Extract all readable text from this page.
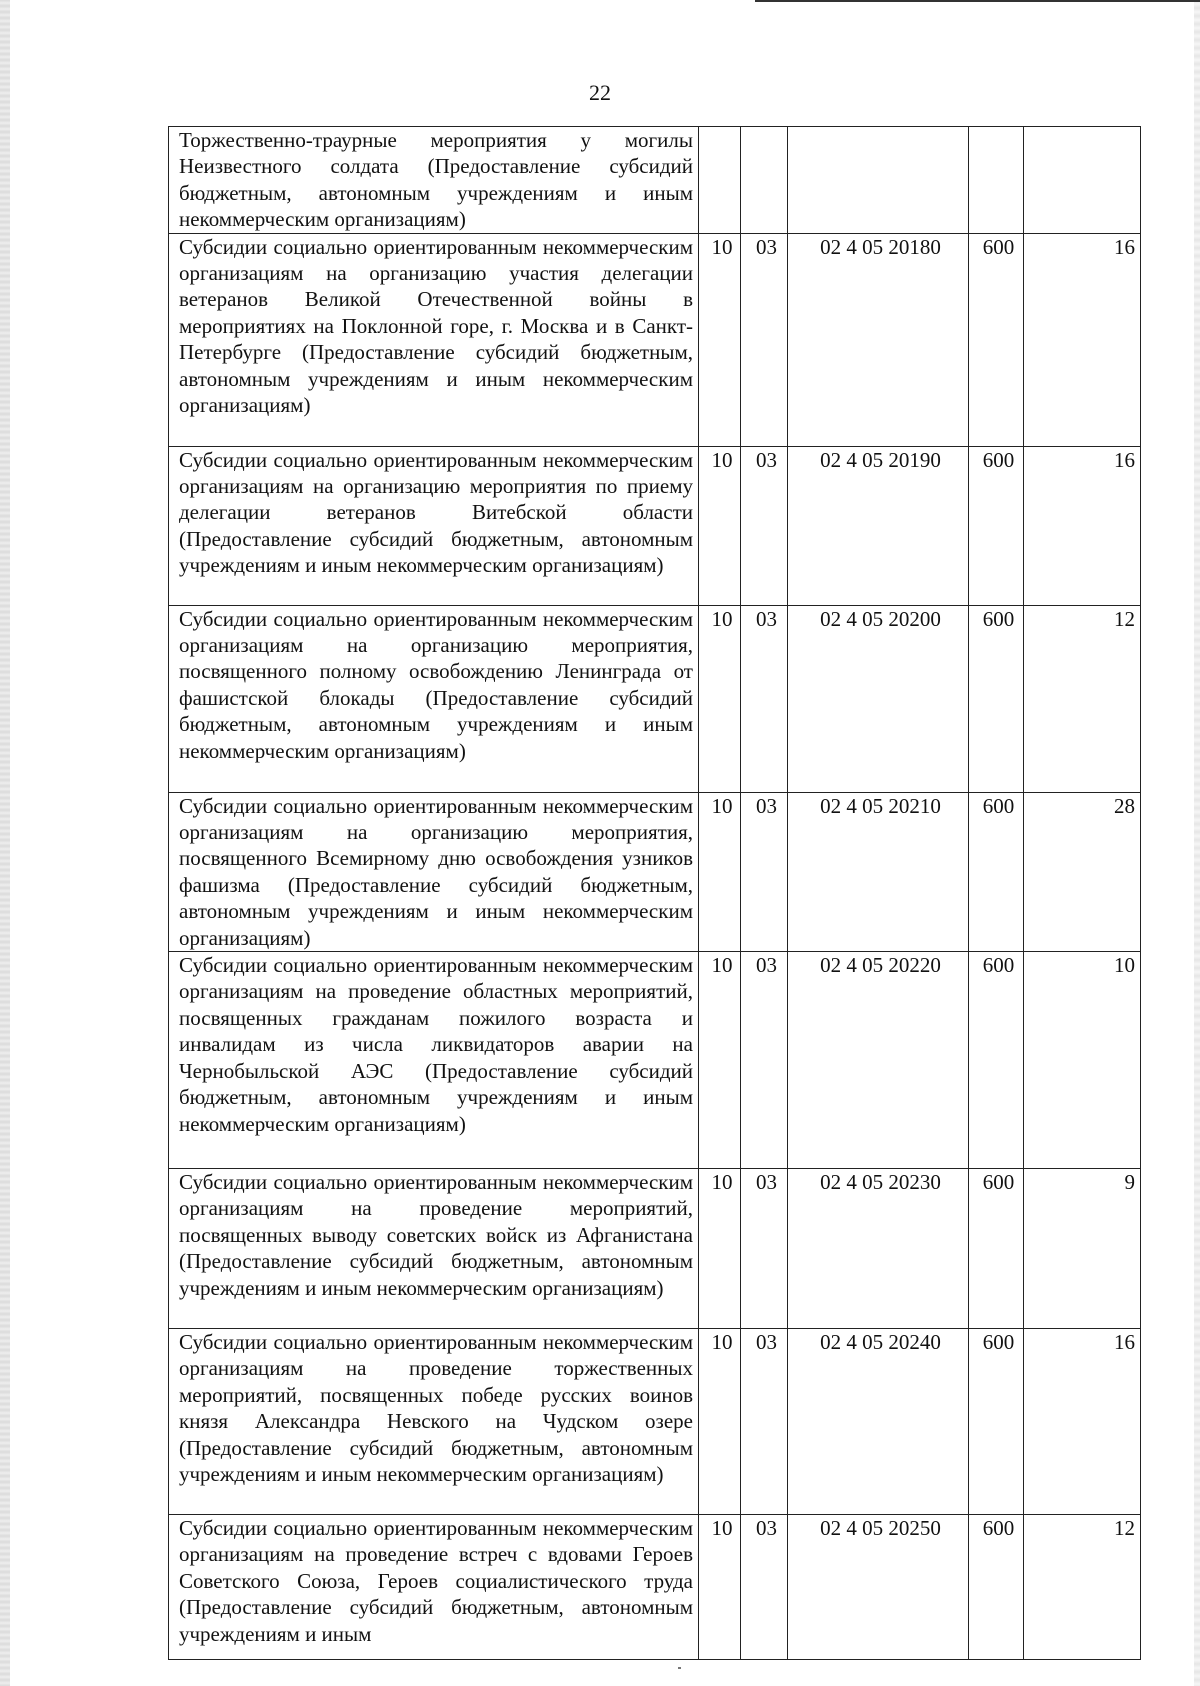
22
Торжественно-траурные мероприятия у могилы Неизвестного солдата (Предоставление субсидий бюджетным, автономным учреждениям и иным некоммерческим организациям)					
Субсидии социально ориентированным некоммерческим организациям на организацию участия делегации ветеранов Великой Отечественной войны в мероприятиях на Поклонной горе, г. Москва и в Санкт-Петербурге (Предоставление субсидий бюджетным, автономным учреждениям и иным некоммерческим организациям)	10	03	02 4 05 20180	600	16
Субсидии социально ориентированным некоммерческим организациям на организацию мероприятия по приему делегации ветеранов Витебской области (Предоставление субсидий бюджетным, автономным учреждениям и иным некоммерческим организациям)	10	03	02 4 05 20190	600	16
Субсидии социально ориентированным некоммерческим организациям на организацию мероприятия, посвященного полному освобождению Ленинграда от фашистской блокады (Предоставление субсидий бюджетным, автономным учреждениям и иным некоммерческим организациям)	10	03	02 4 05 20200	600	12
Субсидии социально ориентированным некоммерческим организациям на организацию мероприятия, посвященного Всемирному дню освобождения узников фашизма (Предоставление субсидий бюджетным, автономным учреждениям и иным некоммерческим организациям)	10	03	02 4 05 20210	600	28
Субсидии социально ориентированным некоммерческим организациям на проведение областных мероприятий, посвященных гражданам пожилого возраста и инвалидам из числа ликвидаторов аварии на Чернобыльской АЭС (Предоставление субсидий бюджетным, автономным учреждениям и иным некоммерческим организациям)	10	03	02 4 05 20220	600	10
Субсидии социально ориентированным некоммерческим организациям на проведение мероприятий, посвященных выводу советских войск из Афганистана (Предоставление субсидий бюджетным, автономным учреждениям и иным некоммерческим организациям)	10	03	02 4 05 20230	600	9
Субсидии социально ориентированным некоммерческим организациям на проведение торжественных мероприятий, посвященных победе русских воинов князя Александра Невского на Чудском озере (Предоставление субсидий бюджетным, автономным учреждениям и иным некоммерческим организациям)	10	03	02 4 05 20240	600	16
Субсидии социально ориентированным некоммерческим организациям на проведение встреч с вдовами Героев Советского Союза, Героев социалистического труда (Предоставление субсидий бюджетным, автономным учреждениям и иным	10	03	02 4 05 20250	600	12
